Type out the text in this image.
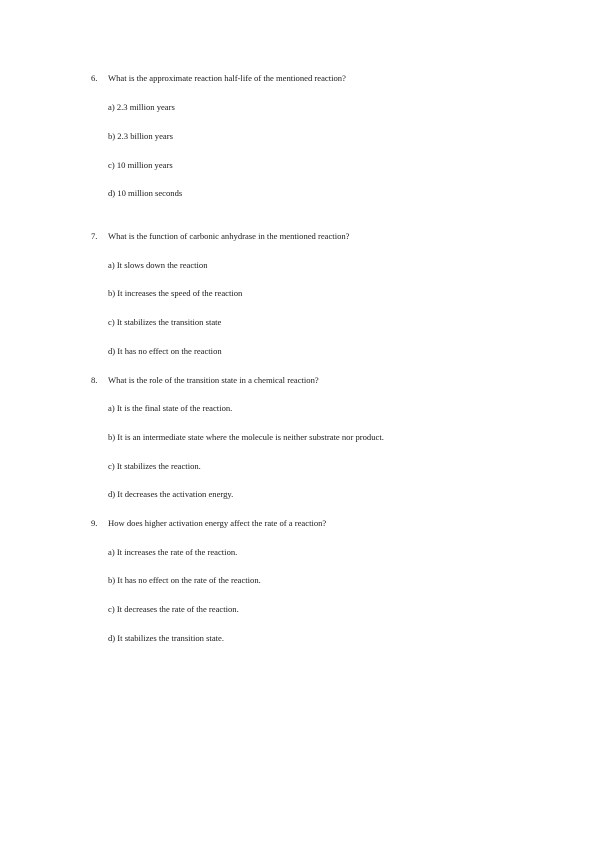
6. What is the approximate reaction half-life of the mentioned reaction?
a) 2.3 million years
b) 2.3 billion years
c) 10 million years
d) 10 million seconds
7. What is the function of carbonic anhydrase in the mentioned reaction?
a) It slows down the reaction
b) It increases the speed of the reaction
c) It stabilizes the transition state
d) It has no effect on the reaction
8. What is the role of the transition state in a chemical reaction?
a) It is the final state of the reaction.
b) It is an intermediate state where the molecule is neither substrate nor product.
c) It stabilizes the reaction.
d) It decreases the activation energy.
9. How does higher activation energy affect the rate of a reaction?
a) It increases the rate of the reaction.
b) It has no effect on the rate of the reaction.
c) It decreases the rate of the reaction.
d) It stabilizes the transition state.
